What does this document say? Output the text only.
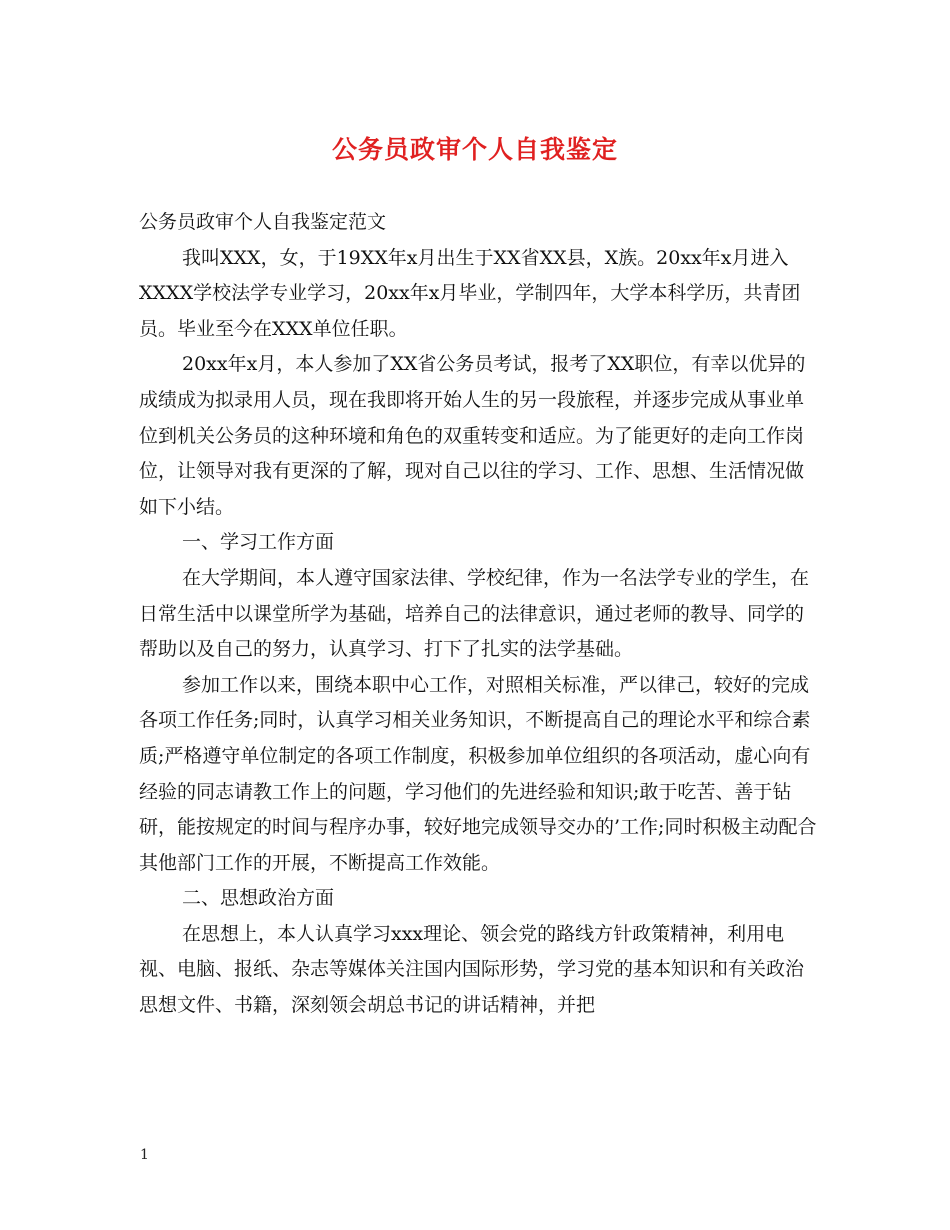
公务员政审个人自我鉴定

公务员政审个人自我鉴定范文

我叫XXX，女，于19XX年x月出生于XX省XX县，X族。20xx年x月进入XXXX学校法学专业学习，20xx年x月毕业，学制四年，大学本科学历，共青团员。毕业至今在XXX单位任职。

20xx年x月，本人参加了XX省公务员考试，报考了XX职位，有幸以优异的成绩成为拟录用人员，现在我即将开始人生的另一段旅程，并逐步完成从事业单位到机关公务员的这种环境和角色的双重转变和适应。为了能更好的走向工作岗位，让领导对我有更深的了解，现对自己以往的学习、工作、思想、生活情况做如下小结。

一、学习工作方面

在大学期间，本人遵守国家法律、学校纪律，作为一名法学专业的学生，在日常生活中以课堂所学为基础，培养自己的法律意识，通过老师的教导、同学的帮助以及自己的努力，认真学习、打下了扎实的法学基础。

参加工作以来，围绕本职中心工作，对照相关标准，严以律己，较好的完成各项工作任务;同时，认真学习相关业务知识，不断提高自己的理论水平和综合素质;严格遵守单位制定的各项工作制度，积极参加单位组织的各项活动，虚心向有经验的同志请教工作上的问题，学习他们的先进经验和知识;敢于吃苦、善于钻研，能按规定的时间与程序办事，较好地完成领导交办的’工作;同时积极主动配合其他部门工作的开展，不断提高工作效能。

二、思想政治方面

在思想上，本人认真学习xxx理论、领会党的路线方针政策精神，利用电视、电脑、报纸、杂志等媒体关注国内国际形势，学习党的基本知识和有关政治思想文件、书籍，深刻领会胡总书记的讲话精神，并把

1
